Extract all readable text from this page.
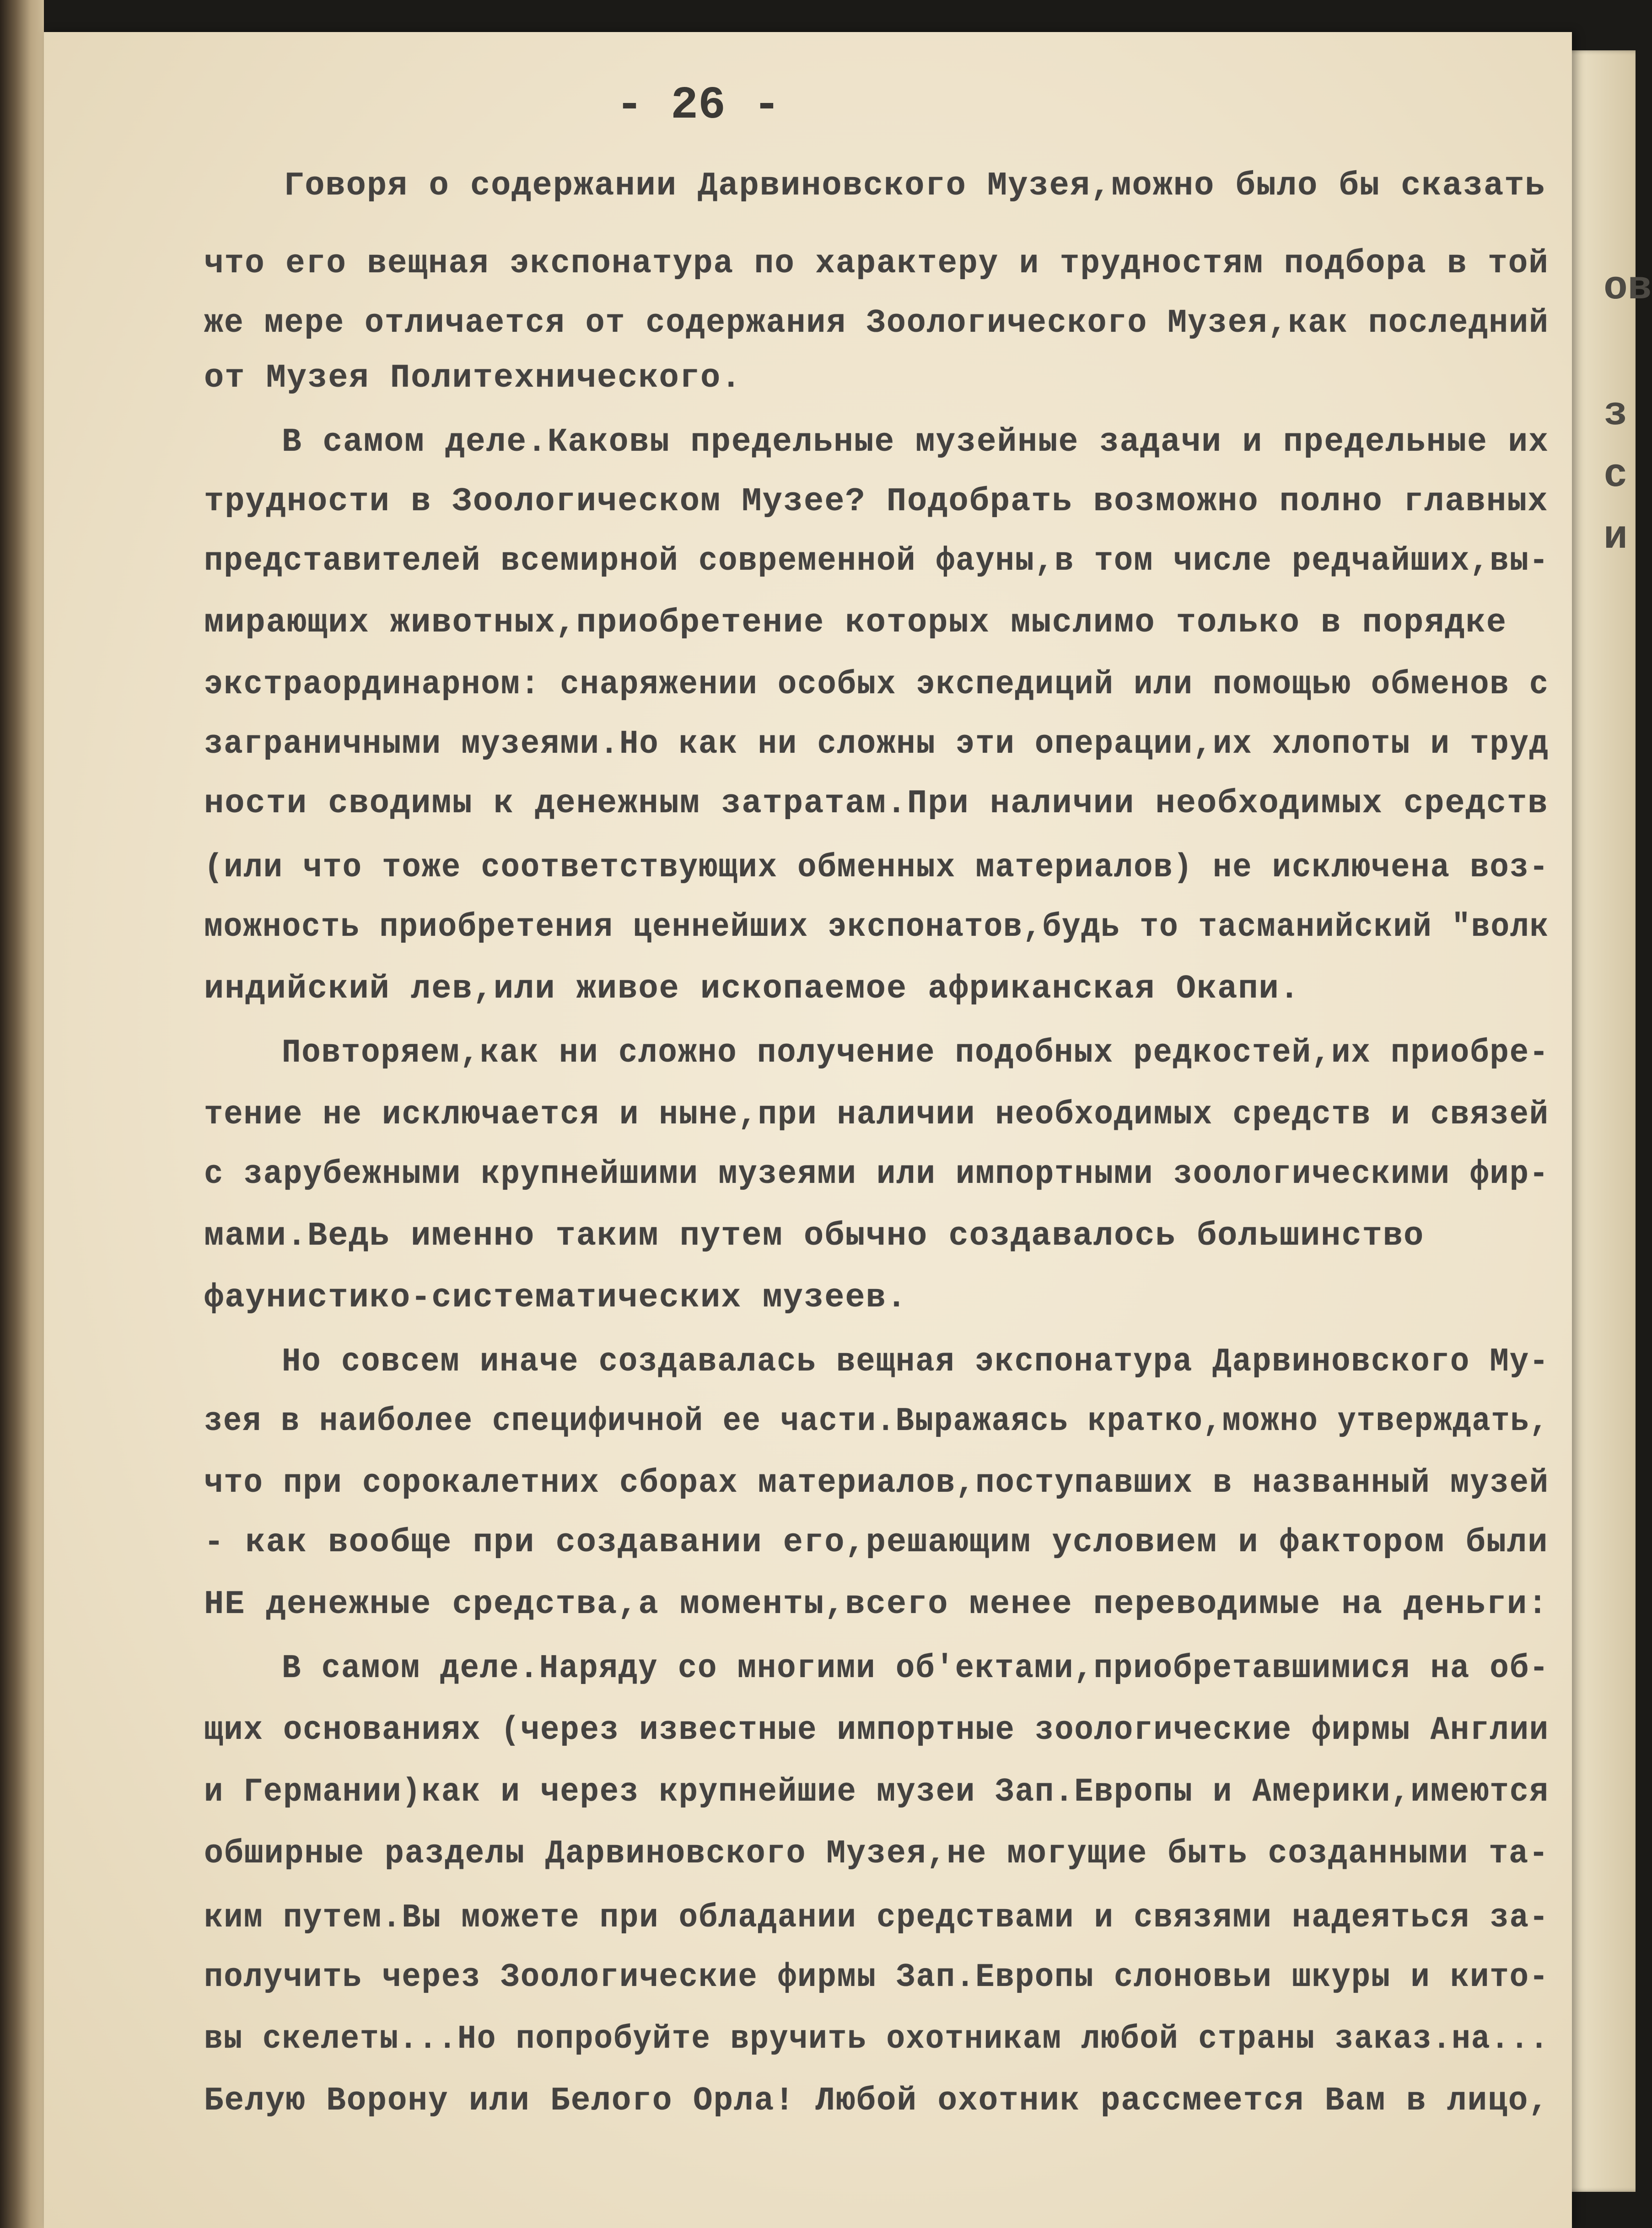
ов
з
с
и
- 26 -
Говоря о содержании Дарвиновского Музея,можно было бы сказать
что его вещная экспонатура по характеру и трудностям подбора в той
же мере отличается от содержания Зоологического Музея,как последний
от Музея Политехнического.
В самом деле.Каковы предельные музейные задачи и предельные их
трудности в Зоологическом Музее? Подобрать возможно полно главных
представителей всемирной современной фауны,в том числе редчайших,вы-
мирающих животных,приобретение которых мыслимо только в порядке
экстраординарном: снаряжении особых экспедиций или помощью обменов с
заграничными музеями.Но как ни сложны эти операции,их хлопоты и труд
ности сводимы к денежным затратам.При наличии необходимых средств
(или что тоже соответствующих обменных материалов) не исключена воз-
можность приобретения ценнейших экспонатов,будь то тасманийский "волк
индийский лев,или живое ископаемое африканская Окапи.
Повторяем,как ни сложно получение подобных редкостей,их приобре-
тение не исключается и ныне,при наличии необходимых средств и связей
с зарубежными крупнейшими музеями или импортными зоологическими фир-
мами.Ведь именно таким путем обычно создавалось большинство
фаунистико-систематических музеев.
Но совсем иначе создавалась вещная экспонатура Дарвиновского Му-
зея в наиболее специфичной ее части.Выражаясь кратко,можно утверждать,
что при сорокалетних сборах материалов,поступавших в названный музей
- как вообще при создавании его,решающим условием и фактором были
НЕ денежные средства,а моменты,всего менее переводимые на деньги:
В самом деле.Наряду со многими об'ектами,приобретавшимися на об-
щих основаниях (через известные импортные зоологические фирмы Англии
и Германии)как и через крупнейшие музеи Зап.Европы и Америки,имеются
обширные разделы Дарвиновского Музея,не могущие быть созданными та-
ким путем.Вы можете при обладании средствами и связями надеяться за-
получить через Зоологические фирмы Зап.Европы слоновьи шкуры и кито-
вы скелеты...Но попробуйте вручить охотникам любой страны заказ.на...
Белую Ворону или Белого Орла! Любой охотник рассмеется Вам в лицо,
